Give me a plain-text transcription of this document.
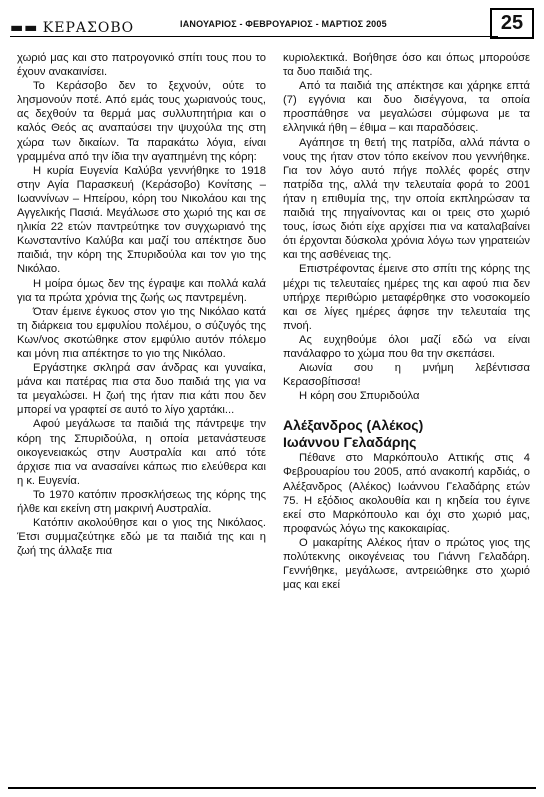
▬ ▬ ΚΕΡΑΣΟΒΟ	ΙΑΝΟΥΑΡΙΟΣ - ΦΕΒΡΟΥΑΡΙΟΣ - ΜΑΡΤΙΟΣ 2005	25

χωριό μας και στο πατρογονικό σπίτι τους που το έχουν ανακαινίσει.

Το Κεράσοβο δεν το ξεχνούν, ούτε το λησμονούν ποτέ. Από εμάς τους χωριανούς τους, ας δεχθούν τα θερμά μας συλλυπητήρια και ο καλός Θεός ας αναπαύσει την ψυχούλα της στη χώρα των δικαίων. Τα παρακάτω λόγια, είναι γραμμένα από την ίδια την αγαπημένη της κόρη:

Η κυρία Ευγενία Καλύβα γεννήθηκε το 1918 στην Αγία Παρασκευή (Κεράσοβο) Κονίτσης – Ιωαννίνων – Ηπείρου, κόρη του Νικολάου και της Αγγελικής Πασιά. Μεγάλωσε στο χωριό της και σε ηλικία 22 ετών παντρεύτηκε τον συγχωριανό της Κωνσταντίνο Καλύβα και μαζί του απέκτησε δυο παιδιά, την κόρη της Σπυριδούλα και τον γιο της Νικόλαο.

Η μοίρα όμως δεν της έγραψε και πολλά καλά για τα πρώτα χρόνια της ζωής ως παντρεμένη.

Όταν έμεινε έγκυος στον γιο της Νικόλαο κατά τη διάρκεια του εμφυλίου πολέμου, ο σύζυγός της Κων/νος σκοτώθηκε στον εμφύλιο αυτόν πόλεμο και μόνη πια απέκτησε το γιο της Νικόλαο.

Εργάστηκε σκληρά σαν άνδρας και γυναίκα, μάνα και πατέρας πια στα δυο παιδιά της για να τα μεγαλώσει. Η ζωή της ήταν πια κάτι που δεν μπορεί να γραφτεί σε αυτό το λίγο χαρτάκι...

Αφού μεγάλωσε τα παιδιά της πάντρεψε την κόρη της Σπυριδούλα, η οποία μετανάστευσε οικογενειακώς στην Αυστραλία και από τότε άρχισε πια να ανασαίνει κάπως πιο ελεύθερα και η κ. Ευγενία.

Το 1970 κατόπιν προσκλήσεως της κόρης της ήλθε και εκείνη στη μακρινή Αυστραλία.

Κατόπιν ακολούθησε και ο γιος της Νικόλαος. Έτσι συμμαζεύτηκε εδώ με τα παιδιά της και η ζωή της άλλαξε πια

κυριολεκτικά. Βοήθησε όσο και όπως μπορούσε τα δυο παιδιά της.

Από τα παιδιά της απέκτησε και χάρηκε επτά (7) εγγόνια και δυο δισέγγονα, τα οποία προσπάθησε να μεγαλώσει σύμφωνα με τα ελληνικά ήθη – έθιμα – και παραδόσεις.

Αγάπησε τη θετή της πατρίδα, αλλά πάντα ο νους της ήταν στον τόπο εκείνον που γεννήθηκε. Για τον λόγο αυτό πήγε πολλές φορές στην πατρίδα της, αλλά την τελευταία φορά το 2001 ήταν η επιθυμία της, την οποία εκπληρώσαν τα παιδιά της πηγαίνοντας και οι τρεις στο χωριό τους, ίσως διότι είχε αρχίσει πια να καταλαβαίνει ότι έρχονται δύσκολα χρόνια λόγω των γηρατειών και της ασθένειας της.

Επιστρέφοντας έμεινε στο σπίτι της κόρης της μέχρι τις τελευταίες ημέρες της και αφού πια δεν υπήρχε περιθώριο μεταφέρθηκε στο νοσοκομείο και σε λίγες ημέρες άφησε την τελευταία της πνοή.

Ας ευχηθούμε όλοι μαζί εδώ να είναι πανάλαφρο το χώμα που θα την σκεπάσει.

Αιωνία σου η μνήμη λεβέντισσα Κερασοβίτισσα!

Η κόρη σου Σπυριδούλα

Αλέξανδρος (Αλέκος)

Ιωάννου Γελαδάρης

Πέθανε στο Μαρκόπουλο Αττικής στις 4 Φεβρουαρίου του 2005, από ανακοπή καρδιάς, ο Αλέξανδρος (Αλέκος) Ιωάννου Γελαδάρης ετών 75. Η εξόδιος ακολουθία και η κηδεία του έγινε εκεί στο Μαρκόπουλο και όχι στο χωριό μας, προφανώς λόγω της κακοκαιρίας.

Ο μακαρίτης Αλέκος ήταν ο πρώτος γιος της πολύτεκνης οικογένειας του Γιάννη Γελαδάρη. Γεννήθηκε, μεγάλωσε, αντρειώθηκε στο χωριό μας και εκεί
